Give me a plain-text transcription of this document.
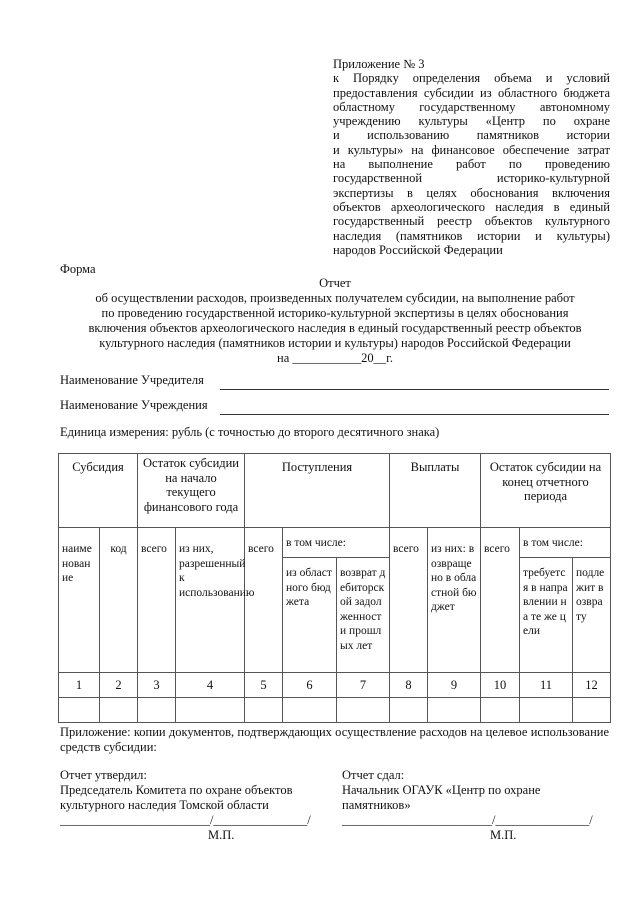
Приложение № 3
к Порядку определения объема и условий
предоставления субсидии из областного бюджета
областному государственному автономному
учреждению культуры «Центр по охране
и использованию памятников истории
и культуры» на финансовое обеспечение затрат
на выполнение работ по проведению
государственной историко-культурной
экспертизы в целях обоснования включения
объектов археологического наследия в единый
государственный реестр объектов культурного
наследия (памятников истории и культуры)
народов Российской Федерации
Форма
Отчет
об осуществлении расходов, произведенных получателем субсидии, на выполнение работ
по проведению государственной историко-культурной экспертизы в целях обоснования
включения объектов археологического наследия в единый государственный реестр объектов
культурного наследия (памятников истории и культуры) народов Российской Федерации
на ___________20__г.
Наименование Учредителя
Наименование Учреждения
Единица измерения: рубль (с точностью до второго десятичного знака)
Субсидия		Остаток субсидии на начало текущего финансового года		Поступления			Выплаты		Остаток субсидии на конец отчетного периода		
наименование	код	всего	из них, разрешенный к использованию	всего	в том числе:		всего	из них: возвращено в областной бюджет	всего	в том числе:	
					из областного бюджета	возврат дебиторской задолженности прошлых лет				требуется в направлении на те же цели	подлежит возврату
1	2	3	4	5	6	7	8	9	10	11	12

Приложение: копии документов, подтверждающих осуществление расходов на целевое использование средств субсидии:
Отчет утвердил:
Председатель Комитета по охране объектов
культурного наследия Томской области
________________________/_______________/
М.П.
Отчет сдал:
Начальник ОГАУК «Центр по охране
памятников»
________________________/_______________/
М.П.
